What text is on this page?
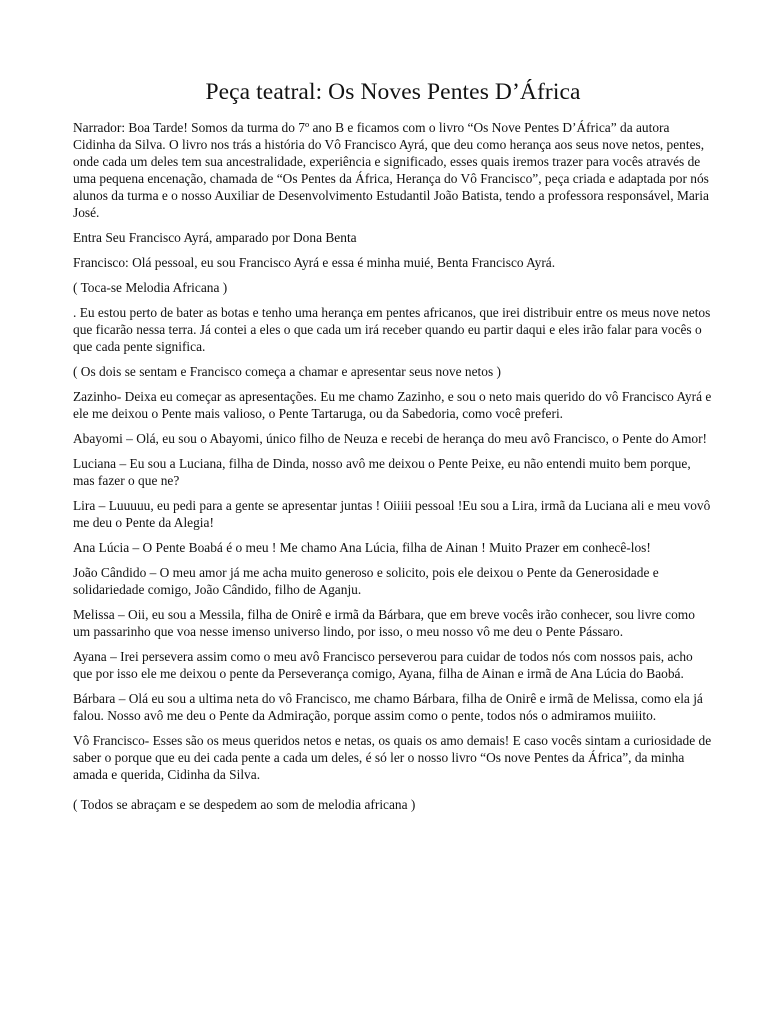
Peça teatral: Os Noves Pentes D’África

Narrador: Boa Tarde! Somos da turma do 7º ano B e ficamos com o livro “Os Nove Pentes D’África” da autora Cidinha da Silva. O livro nos trás a história do Vô Francisco Ayrá, que deu como herança aos seus nove netos, pentes, onde cada um deles tem sua ancestralidade, experiência e significado, esses quais iremos trazer para vocês através de uma pequena encenação, chamada de “Os Pentes da África, Herança do Vô Francisco”, peça criada e adaptada por nós alunos da turma e o nosso Auxiliar de Desenvolvimento Estudantil João Batista, tendo a professora responsável, Maria José.

Entra Seu Francisco Ayrá, amparado por Dona Benta

Francisco: Olá pessoal, eu sou Francisco Ayrá e essa é minha muié, Benta Francisco Ayrá.

( Toca-se Melodia Africana )

. Eu estou perto de bater as botas e tenho uma herança em pentes africanos, que irei distribuir entre os meus nove netos que ficarão nessa terra. Já contei a eles o que cada um irá receber quando eu partir daqui e eles irão falar para vocês o que cada pente significa.

( Os dois se sentam e Francisco começa a chamar e apresentar seus nove netos )

Zazinho- Deixa eu começar as apresentações. Eu me chamo Zazinho, e sou o neto mais querido do vô Francisco Ayrá e ele me deixou o Pente mais valioso, o Pente Tartaruga, ou da Sabedoria, como você preferi.

Abayomi – Olá, eu sou o Abayomi, único filho de Neuza e recebi de herança do meu avô Francisco, o Pente do Amor!

Luciana – Eu sou a Luciana, filha de Dinda, nosso avô me deixou o Pente Peixe, eu não entendi muito bem porque, mas fazer o que ne?

Lira – Luuuuu, eu pedi para a gente se apresentar juntas ! Oiiiii pessoal !Eu sou a Lira, irmã da Luciana ali e meu vovô me deu o Pente da Alegia!

Ana Lúcia – O Pente Boabá é o meu ! Me chamo Ana Lúcia, filha de Ainan ! Muito Prazer em conhecê-los!

João Cândido – O meu amor já me acha muito generoso e solicito, pois ele deixou o Pente da Generosidade e solidariedade comigo, João Cândido, filho de Aganju.

Melissa – Oii, eu sou a Messila, filha de Onirê e irmã da Bárbara, que em breve vocês irão conhecer, sou livre como um passarinho que voa nesse imenso universo lindo, por isso, o meu nosso vô me deu o Pente Pássaro.

Ayana – Irei persevera assim como o meu avô Francisco perseverou para cuidar de todos nós com nossos pais, acho que por isso ele me deixou o pente da Perseverança comigo, Ayana, filha de Ainan e irmã de Ana Lúcia do Baobá.

Bárbara – Olá eu sou a ultima neta do vô Francisco, me chamo Bárbara, filha de Onirê e irmã de Melissa, como ela já falou. Nosso avô me deu o Pente da Admiração, porque assim como o pente, todos nós o admiramos muiiito.

Vô Francisco- Esses são os meus queridos netos e netas, os quais os amo demais! E caso vocês sintam a curiosidade de saber o porque que eu dei cada pente a cada um deles, é só ler o nosso livro “Os nove Pentes da África”, da minha amada e querida, Cidinha da Silva.

( Todos se abraçam e se despedem ao som de melodia africana )
